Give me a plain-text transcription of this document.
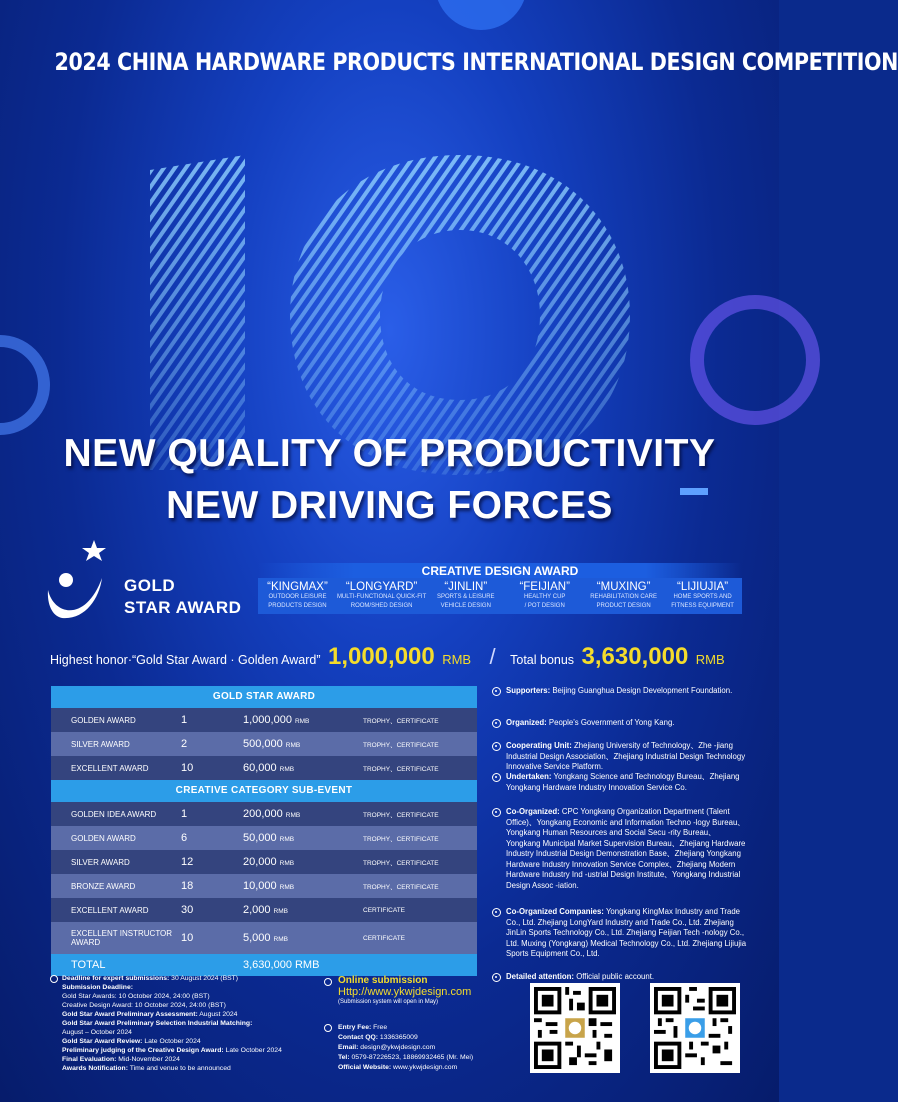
2024 CHINA HARDWARE PRODUCTS INTERNATIONAL DESIGN COMPETITION
NEW QUALITY OF PRODUCTIVITY
NEW DRIVING FORCES
GOLD
STAR AWARD
CREATIVE DESIGN AWARD
“KINGMAX”
OUTDOOR LEISURE
PRODUCTS DESIGN
“LONGYARD”
MULTI-FUNCTIONAL QUICK-FIT
ROOM/SHED DESIGN
“JINLIN”
SPORTS & LEISURE
VEHICLE DESIGN
“FEIJIAN”
HEALTHY CUP
/ POT DESIGN
“MUXING”
REHABILITATION CARE
PRODUCT DESIGN
“LIJIUJIA”
HOME SPORTS AND
FITNESS EQUIPMENT
Highest honor·“Gold Star Award · Golden Award” 1,000,000 RMB / Total bonus 3,630,000 RMB
GOLD STAR AWARD
GOLDEN AWARD	1	1,000,000 RMB	TROPHY、CERTIFICATE
SILVER AWARD	2	500,000 RMB	TROPHY、CERTIFICATE
EXCELLENT AWARD	10	60,000 RMB	TROPHY、CERTIFICATE
CREATIVE CATEGORY SUB-EVENT
GOLDEN IDEA AWARD	1	200,000 RMB	TROPHY、CERTIFICATE
GOLDEN AWARD	6	50,000 RMB	TROPHY、CERTIFICATE
SILVER AWARD	12	20,000 RMB	TROPHY、CERTIFICATE
BRONZE AWARD	18	10,000 RMB	TROPHY、CERTIFICATE
EXCELLENT AWARD	30	2,000 RMB	CERTIFICATE
EXCELLENT INSTRUCTOR AWARD	10	5,000 RMB	CERTIFICATE
TOTAL	3,630,000 RMB
Supporters: Beijing Guanghua Design Development Foundation.
Organized: People’s Government of Yong Kang.
Cooperating Unit: Zhejiang University of Technology、Zhe -jiang Industrial Design Association、Zhejiang Industrial Design Technology Innovative Service Platform.
Undertaken: Yongkang Science and Technology Bureau、Zhejiang Yongkang Hardware Industry Innovation Service Co.
Co-Organized: CPC Yongkang Organization Department (Talent Office)、Yongkang Economic and Information Techno -logy Bureau、Yongkang Human Resources and Social Secu -rity Bureau、Yongkang Municipal Market Supervision Bureau、Zhejiang Hardware Industry Industrial Design Demonstration Base、Zhejiang Yongkang Hardware Industry Innovation Service Complex、Zhejiang Modern Hardware Industry Ind -ustrial Design Institute、Yongkang Industrial Design Assoc -iation.
Co-Organized Companies: Yongkang KingMax Industry and Trade Co., Ltd. Zhejiang LongYard Industry and Trade Co., Ltd. Zhejiang JinLin Sports Technology Co., Ltd. Zhejiang Feijian Tech -nology Co., Ltd. Muxing (Yongkang) Medical Technology Co., Ltd. Zhejiang Lijiujia Sports Equipment Co., Ltd.
Detailed attention: Official public account.
Deadline for expert submissions: 30 August 2024 (BST)
Submission Deadline:
Gold Star Awards: 10 October 2024, 24:00 (BST)
Creative Design Award: 10 October 2024, 24:00 (BST)
Gold Star Award Preliminary Assessment: August 2024
Gold Star Award Preliminary Selection Industrial Matching:
August – October 2024
Gold Star Award Review: Late October 2024
Preliminary judging of the Creative Design Award: Late October 2024
Final Evaluation: Mid-November 2024
Awards Notification: Time and venue to be announced
Online submission
Http://www.ykwjdesign.com
(Submission system will open in May)
Entry Fee: Free
Contact QQ: 1336365009
Email: design@ykwjdesign.com
Tel: 0579-87226523, 18869932465 (Mr. Mei)
Official Website: www.ykwjdesign.com
